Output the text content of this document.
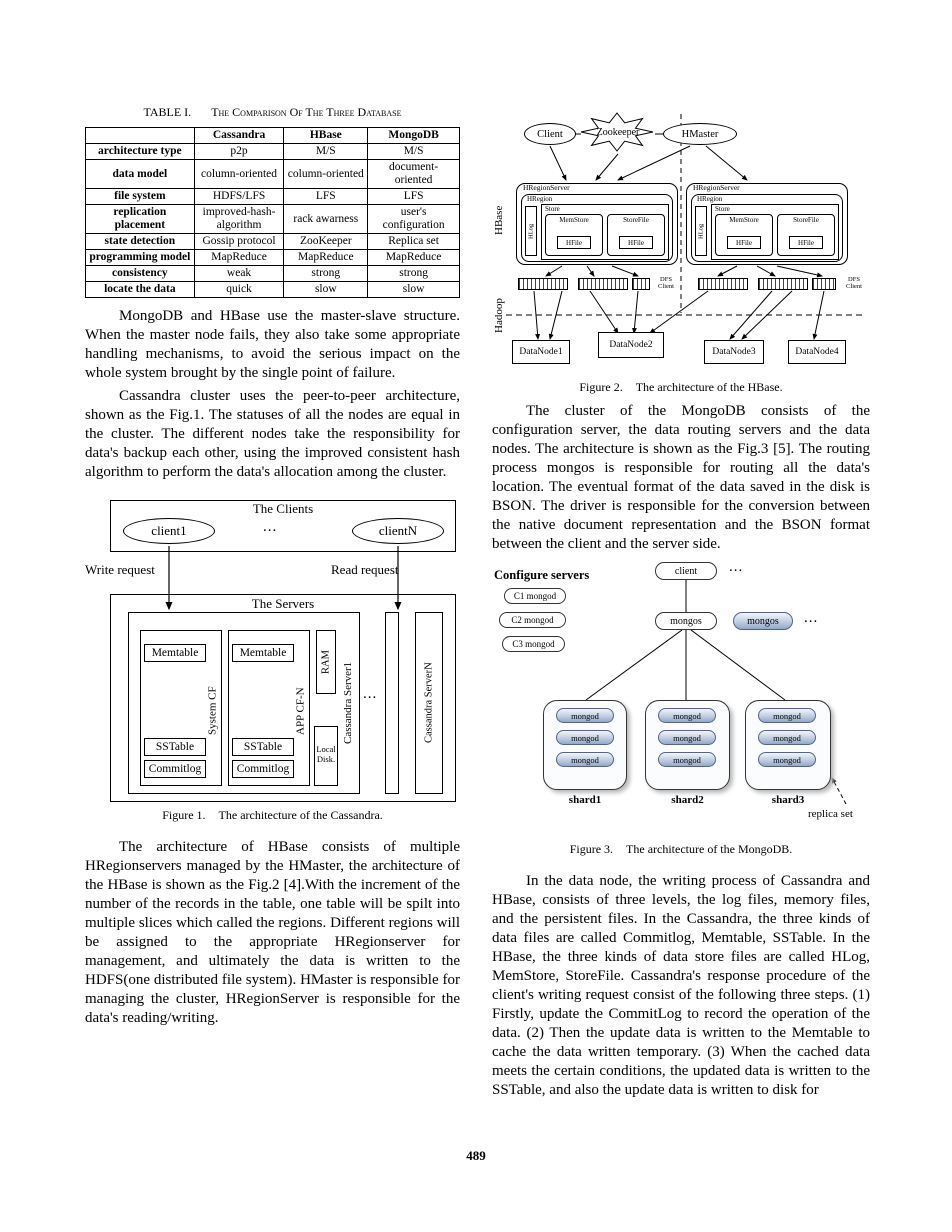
TABLE I. The Comparison Of The Three Database
	Cassandra	HBase	MongoDB
architecture type	p2p	M/S	M/S
data model	column-oriented	column-oriented	document-oriented
file system	HDFS/LFS	LFS	LFS
replication placement	improved-hash-algorithm	rack awarness	user's configuration
state detection	Gossip protocol	ZooKeeper	Replica set
programming model	MapReduce	MapReduce	MapReduce
consistency	weak	strong	strong
locate the data	quick	slow	slow

MongoDB and HBase use the master-slave structure. When the master node fails, they also take some appropriate handling mechanisms, to avoid the serious impact on the whole system brought by the single point of failure.

Cassandra cluster uses the peer-to-peer architecture, shown as the Fig.1. The statuses of all the nodes are equal in the cluster. The different nodes take the responsibility for data's backup each other, using the improved consistent hash algorithm to perform the data's allocation among the cluster.

The Clients
client1	...	clientN
Write request	Read request
The Servers
Memtable
SSTable
Commitlog
System CF
Memtable
SSTable
Commitlog
APP CF-N
RAM
Local Disk.
Cassandra Server1 ...	Cassandra ServerN
Figure 1. The architecture of the Cassandra.

The architecture of HBase consists of multiple HRegionservers managed by the HMaster, the architecture of the HBase is shown as the Fig.2 [4].With the increment of the number of the records in the table, one table will be spilt into multiple slices which called the regions. Different regions will be assigned to the appropriate HRegionserver for management, and ultimately the data is written to the HDFS(one distributed file system). HMaster is responsible for managing the cluster, HRegionServer is responsible for the data's reading/writing.

Client	Zookeeper	HMaster
HBase
Hadoop
HRegionServer
HRegion
HLog
Store
MemStore
HFile
StoreFile
HFile
HRegionServer
HRegion
HLog
Store
MemStore
HFile
StoreFile
HFile
DFS Client
DFS Client
DataNode1
DataNode2
DataNode3	DataNode4
Figure 2. The architecture of the HBase.

The cluster of the MongoDB consists of the configuration server, the data routing servers and the data nodes. The architecture is shown as the Fig.3 [5]. The routing process mongos is responsible for routing all the data's location. The eventual format of the data saved in the disk is BSON. The driver is responsible for the conversion between the native document representation and the BSON format between the client and the server side.

Configure servers
C1 mongod
C2 mongod
C3 mongod
client	...
mongos	mongos	...
mongod
mongod
mongod
shard1
mongod
mongod
mongod
shard2
mongod
mongod
mongod
shard3
replica set
Figure 3. The architecture of the MongoDB.

In the data node, the writing process of Cassandra and HBase, consists of three levels, the log files, memory files, and the persistent files. In the Cassandra, the three kinds of data files are called Commitlog, Memtable, SSTable. In the HBase, the three kinds of data store files are called HLog, MemStore, StoreFile. Cassandra's response procedure of the client's writing request consist of the following three steps. (1) Firstly, update the CommitLog to record the operation of the data. (2) Then the update data is written to the Memtable to cache the data written temporary. (3) When the cached data meets the certain conditions, the updated data is written to the SSTable, and also the update data is written to disk for

489
